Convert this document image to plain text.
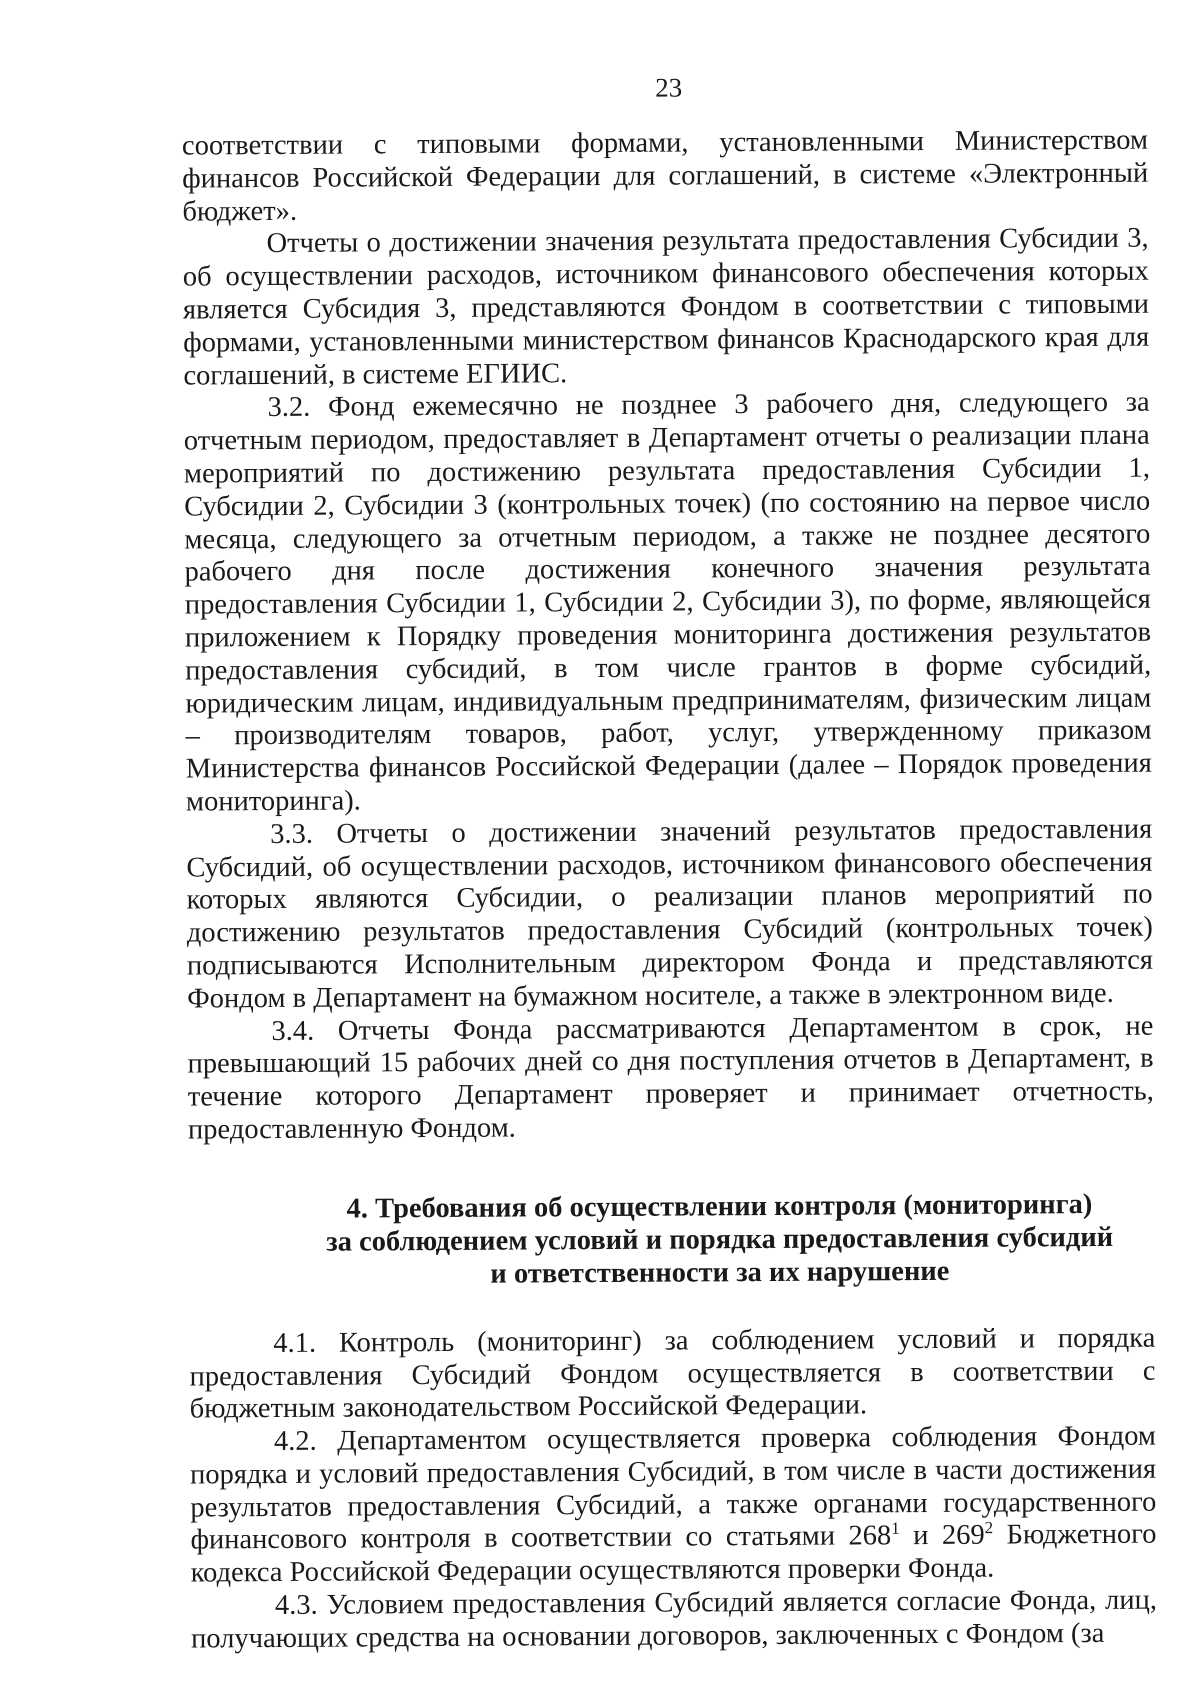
23

соответствии с типовыми формами, установленными Министерством финансов Российской Федерации для соглашений, в системе «Электронный бюджет».

Отчеты о достижении значения результата предоставления Субсидии 3, об осуществлении расходов, источником финансового обеспечения которых является Субсидия 3, представляются Фондом в соответствии с типовыми формами, установленными министерством финансов Краснодарского края для соглашений, в системе ЕГИИС.

3.2. Фонд ежемесячно не позднее 3 рабочего дня, следующего за отчетным периодом, предоставляет в Департамент отчеты о реализации плана мероприятий по достижению результата предоставления Субсидии 1, Субсидии 2, Субсидии 3 (контрольных точек) (по состоянию на первое число месяца, следующего за отчетным периодом, а также не позднее десятого рабочего дня после достижения конечного значения результата предоставления Субсидии 1, Субсидии 2, Субсидии 3), по форме, являющейся приложением к Порядку проведения мониторинга достижения результатов предоставления субсидий, в том числе грантов в форме субсидий, юридическим лицам, индивидуальным предпринимателям, физическим лицам – производителям товаров, работ, услуг, утвержденному приказом Министерства финансов Российской Федерации (далее – Порядок проведения мониторинга).

3.3. Отчеты о достижении значений результатов предоставления Субсидий, об осуществлении расходов, источником финансового обеспечения которых являются Субсидии, о реализации планов мероприятий по достижению результатов предоставления Субсидий (контрольных точек) подписываются Исполнительным директором Фонда и представляются Фондом в Департамент на бумажном носителе, а также в электронном виде.

3.4. Отчеты Фонда рассматриваются Департаментом в срок, не превышающий 15 рабочих дней со дня поступления отчетов в Департамент, в течение которого Департамент проверяет и принимает отчетность, предоставленную Фондом.

4. Требования об осуществлении контроля (мониторинга)
за соблюдением условий и порядка предоставления субсидий
и ответственности за их нарушение

4.1. Контроль (мониторинг) за соблюдением условий и порядка предоставления Субсидий Фондом осуществляется в соответствии с бюджетным законодательством Российской Федерации.

4.2. Департаментом осуществляется проверка соблюдения Фондом порядка и условий предоставления Субсидий, в том числе в части достижения результатов предоставления Субсидий, а также органами государственного финансового контроля в соответствии со статьями $268^1$ и $269^2$ Бюджетного кодекса Российской Федерации осуществляются проверки Фонда.

4.3. Условием предоставления Субсидий является согласие Фонда, лиц, получающих средства на основании договоров, заключенных с Фондом (за
